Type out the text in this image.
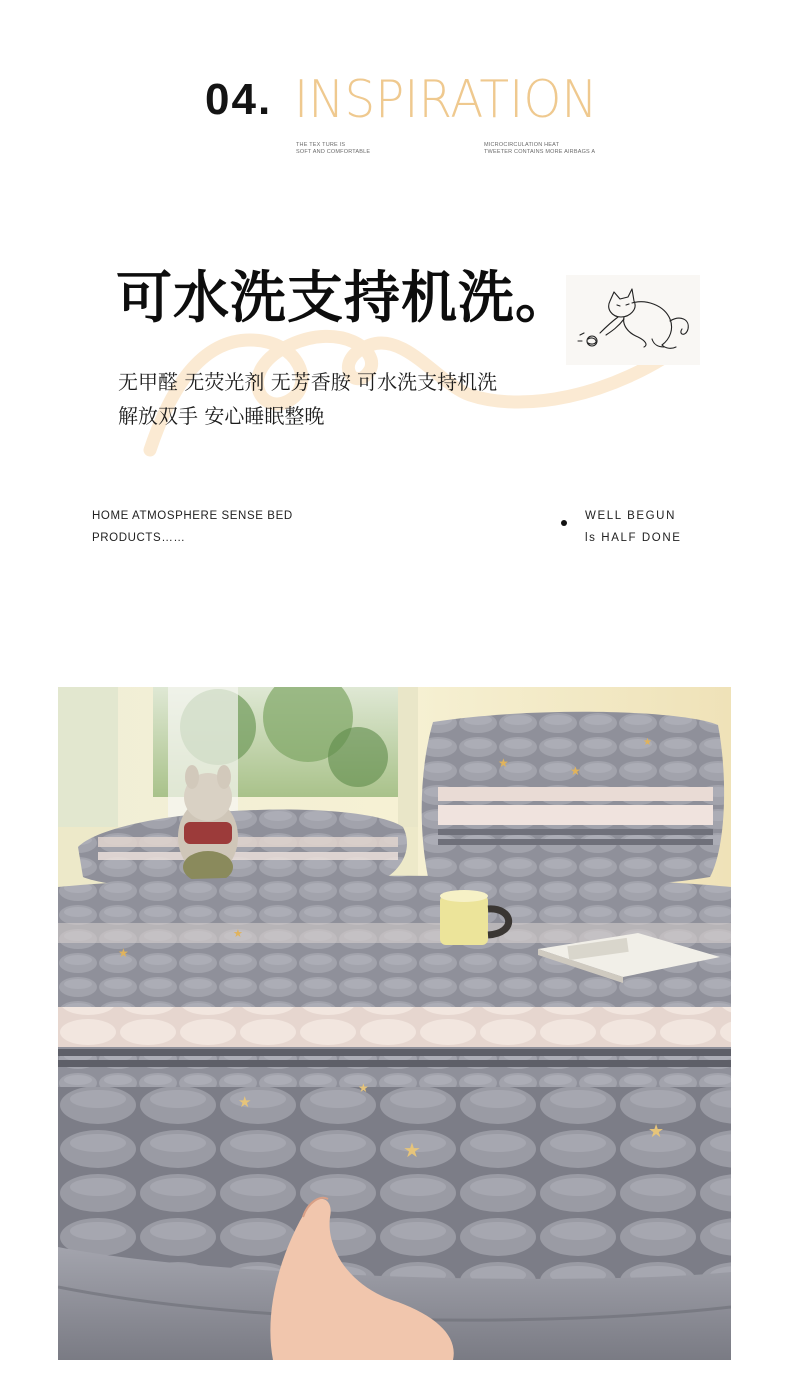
04. INSPIRATION
THE TEX TURE IS
SOFT AND COMFORTABLE
MICROCIRCULATION HEAT
TWEETER CONTAINS MORE AIRBAGS A
可水洗支持机洗。
无甲醛 无荧光剂 无芳香胺 可水洗支持机洗
解放双手 安心睡眠整晚
HOME ATMOSPHERE SENSE BED
PRODUCTS……
WELL BEGUN
ls HALF DONE
★
★
★
★
★
★
★
★
★
